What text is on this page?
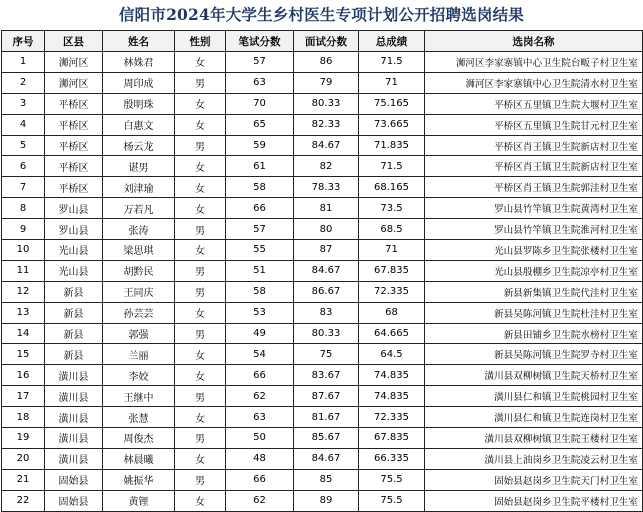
信阳市2024年大学生乡村医生专项计划公开招聘选岗结果
序号	区县	姓名	性别	笔试分数	面试分数	总成绩	选岗名称
1	浉河区	林姝君	女	57	86	71.5	浉河区李家寨镇中心卫生院台畈子村卫生室
2	浉河区	周印成	男	63	79	71	浉河区李家寨镇中心卫生院清水村卫生室
3	平桥区	殷明珠	女	70	80.33	75.165	平桥区五里镇卫生院大堰村卫生室
4	平桥区	白惠文	女	65	82.33	73.665	平桥区五里镇卫生院甘元村卫生室
5	平桥区	杨云龙	男	59	84.67	71.835	平桥区肖王镇卫生院新店村卫生室
6	平桥区	谌男	女	61	82	71.5	平桥区肖王镇卫生院新店村卫生室
7	平桥区	刘津瑜	女	58	78.33	68.165	平桥区肖王镇卫生院郭洼村卫生室
8	罗山县	万若凡	女	66	81	73.5	罗山县竹竿镇卫生院黄湾村卫生室
9	罗山县	张涛	男	57	80	68.5	罗山县竹竿镇卫生院淮河村卫生室
10	光山县	梁思琪	女	55	87	71	光山县罗陈乡卫生院张楼村卫生室
11	光山县	胡黔民	男	51	84.67	67.835	光山县殷棚乡卫生院凉亭村卫生室
12	新县	王同庆	男	58	86.67	72.335	新县新集镇卫生院代洼村卫生室
13	新县	孙芸芸	女	53	83	68	新县吴陈河镇卫生院杜洼村卫生室
14	新县	郭强	男	49	80.33	64.665	新县田铺乡卫生院水榜村卫生室
15	新县	兰丽	女	54	75	64.5	新县吴陈河镇卫生院罗寺村卫生室
16	潢川县	李姣	女	66	83.67	74.835	潢川县双柳树镇卫生院天桥村卫生室
17	潢川县	王继中	男	62	87.67	74.835	潢川县仁和镇卫生院桃园村卫生室
18	潢川县	张慧	女	63	81.67	72.335	潢川县仁和镇卫生院连岗村卫生室
19	潢川县	周俊杰	男	50	85.67	67.835	潢川县双柳树镇卫生院王楼村卫生室
20	潢川县	林晨曦	女	48	84.67	66.335	潢川县上油岗乡卫生院凌云村卫生室
21	固始县	姚振华	男	66	85	75.5	固始县赵岗乡卫生院天门村卫生室
22	固始县	黄锂	女	62	89	75.5	固始县赵岗乡卫生院平楼村卫生室
